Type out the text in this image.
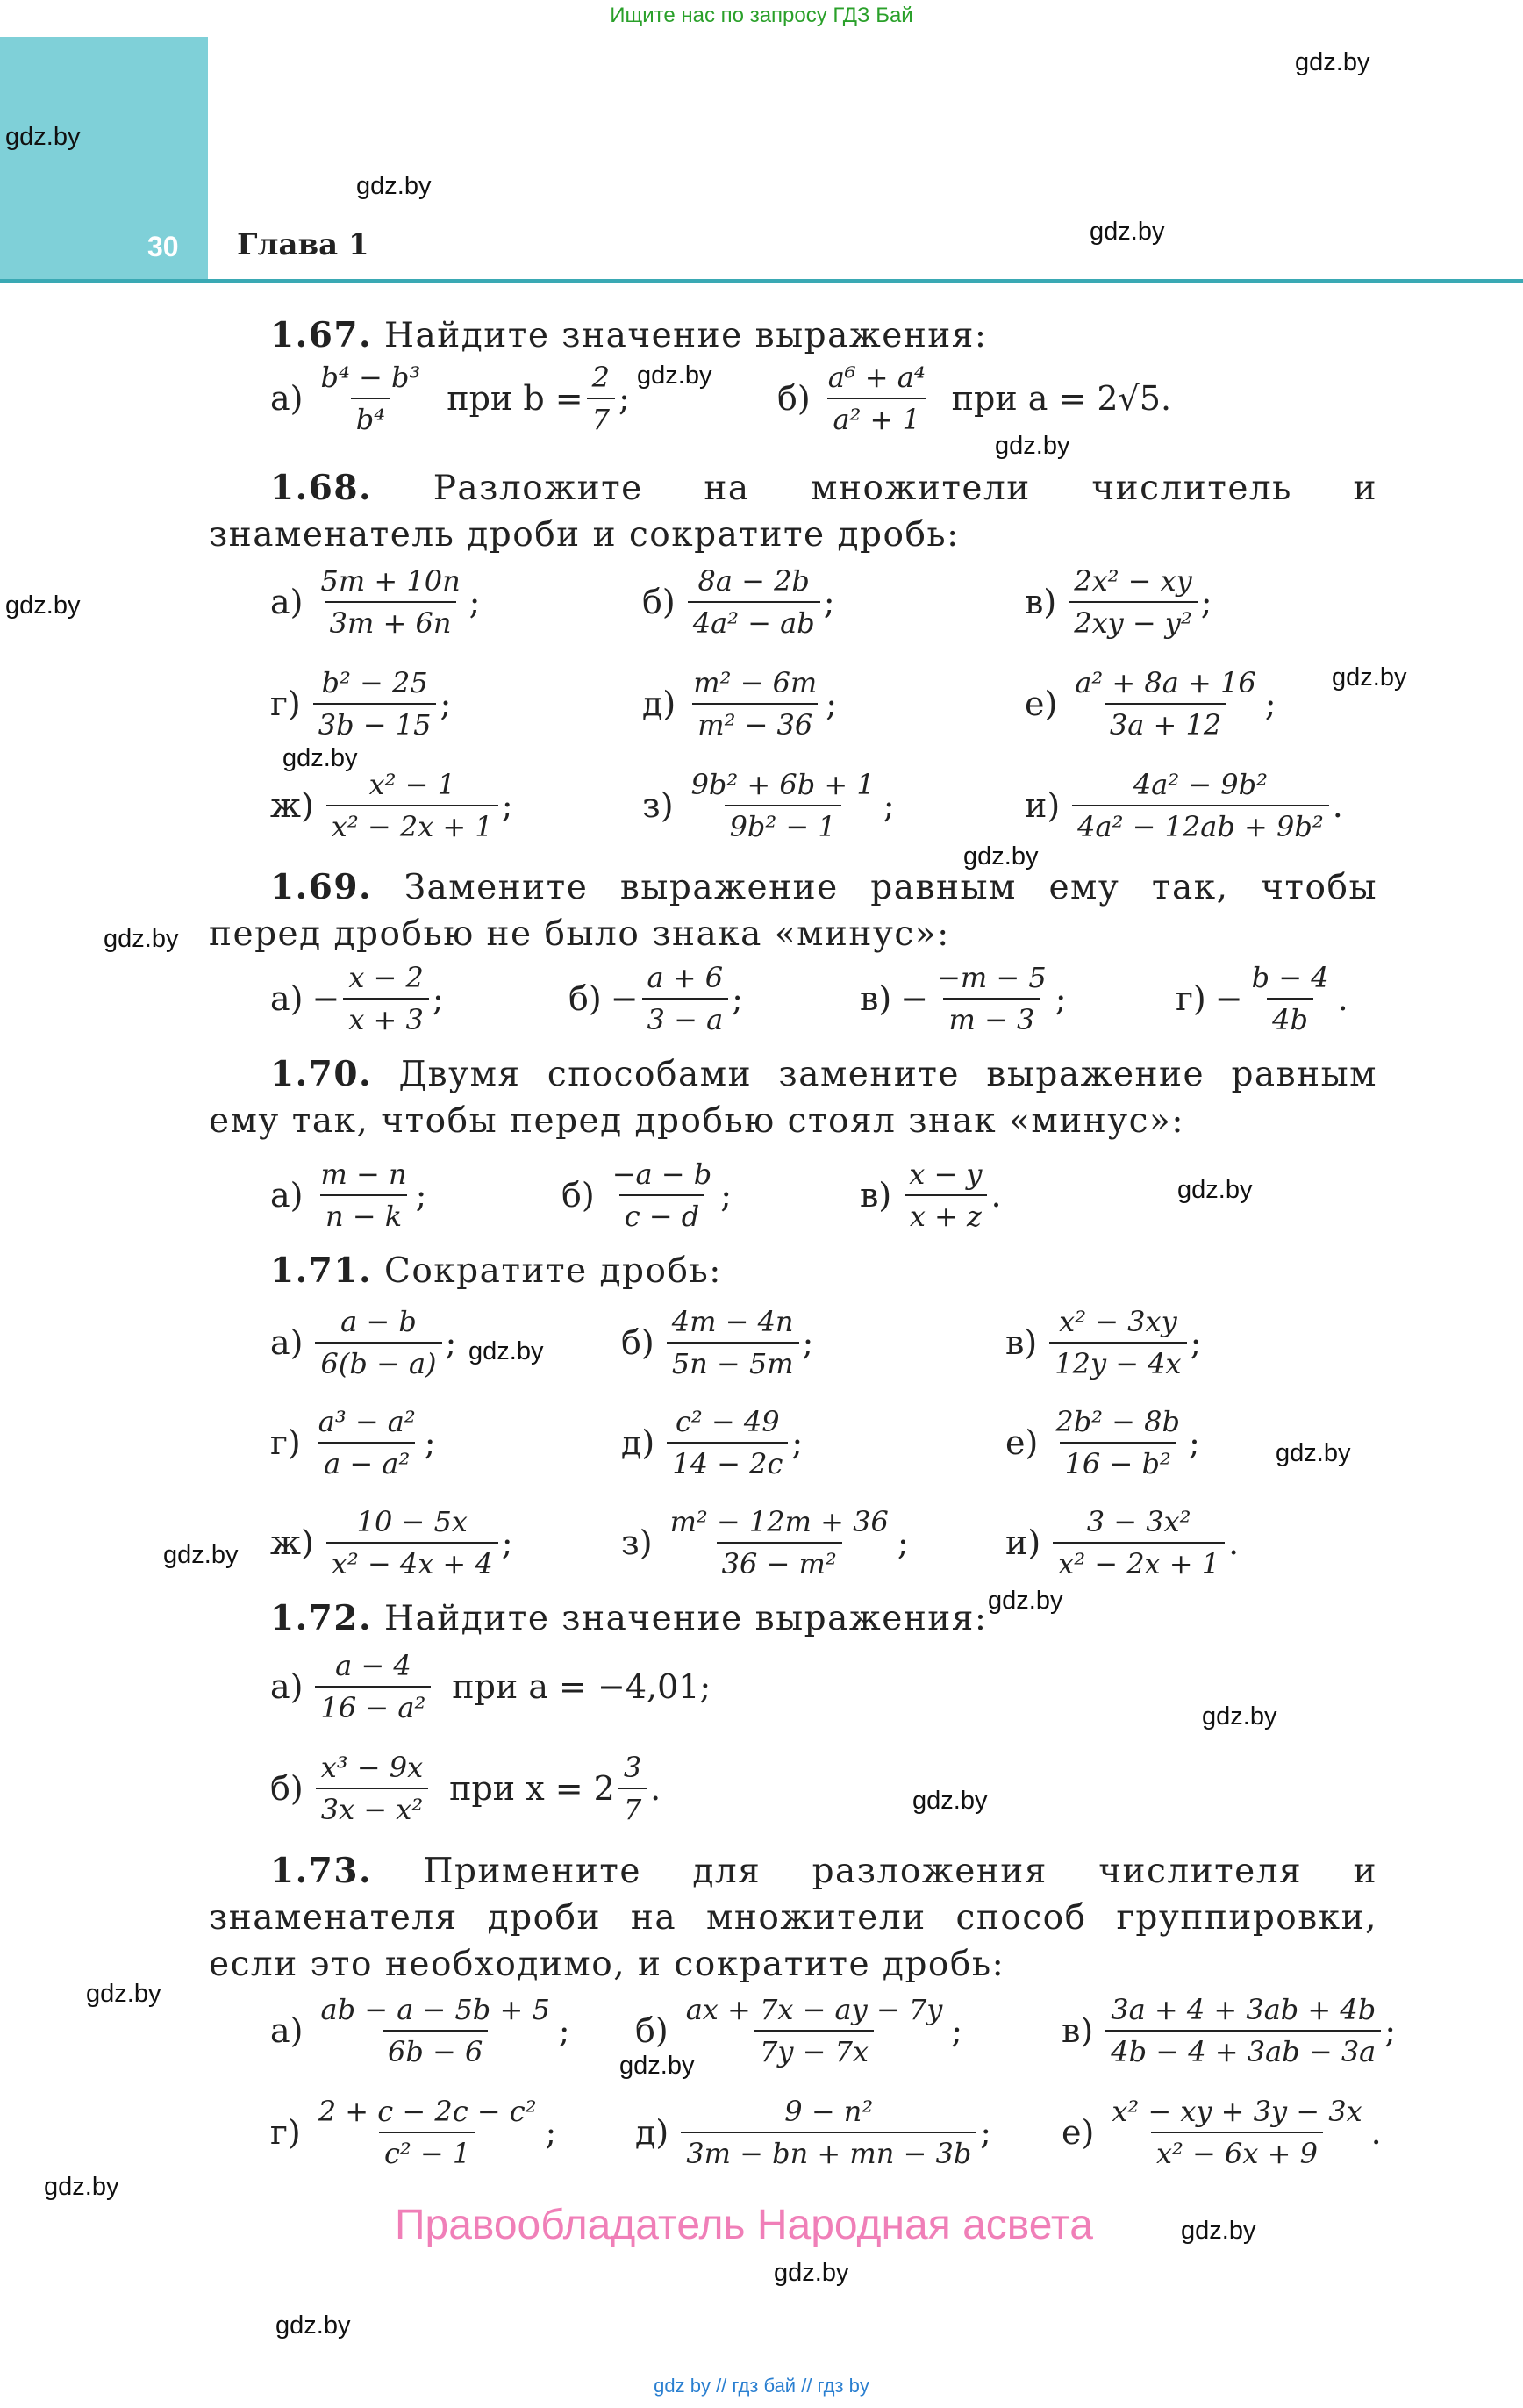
Ищите нас по запросу ГДЗ Бай
30 Глава 1
gdz.by
gdz.by
gdz.by
gdz.by
gdz.by
gdz.by
gdz.by
gdz.by
gdz.by
gdz.by
gdz.by
gdz.by
gdz.by
gdz.by
gdz.by
gdz.by
gdz.by
gdz.by
gdz.by
gdz.by
gdz.by
gdz.by
gdz.by
gdz.by
1.67. Найдите значение выражения:
$а) \frac{\text{b⁴ − b³}}{\text{b⁴}}$ при $b = \frac{2}{7}$ ;	$б) \frac{\text{a⁶ + a⁴}}{\text{a² + 1}}$ при a = 2√5.
1.68. Разложите на множители числитель и знаменатель дроби и сократите дробь:
$а) \frac{5m + 10n}{3m + 6n}$ ;	$б) \frac{8a - 2b}{\text{4a² − ab}}$ ;	$в) \frac{\text{2x² − xy}}{\text{2xy − y²}}$ ;
$г) \frac{\text{b² − 25}}{3b - 15}$ ;	$д) \frac{\text{m² − 6m}}{\text{m² − 36}}$ ;	$е) \frac{\text{a² + 8a + 16}}{3a + 12}$ ;
$ж) \frac{\text{x² − 1}}{\text{x² − 2x + 1}}$ ;	$з) \frac{\text{9b² + 6b + 1}}{\text{9b² − 1}}$ ;	$и) \frac{\text{4a² − 9b²}}{\text{4a² − 12ab + 9b²}}$ .
1.69. Замените выражение равным ему так, чтобы перед дробью не было знака «минус»:
$а) - \frac{x - 2}{x + 3}$ ;	$б) - \frac{a + 6}{3 - a}$ ;	$в) - \frac{-m - 5}{m - 3}$ ;	$г) - \frac{b - 4}{4b}$ .
1.70. Двумя способами замените выражение равным ему так, чтобы перед дробью стоял знак «минус»:
$а) \frac{m - n}{n - k}$ ;	$б) \frac{-a - b}{c - d}$ ;	$в) \frac{x - y}{x + z}$ .
1.71. Сократите дробь:
$а) \frac{a - b}{6(b - a)}$ ;	$б) \frac{4m - 4n}{5n - 5m}$ ;	$в) \frac{\text{x² − 3xy}}{12y - 4x}$ ;
$г) \frac{\text{a³ − a²}}{\text{a − a²}}$ ;	$д) \frac{\text{c² − 49}}{14 - 2c}$ ;	$е) \frac{\text{2b² − 8b}}{\text{16 − b²}}$ ;
$ж) \frac{10 - 5x}{\text{x² − 4x + 4}}$ ;	$з) \frac{\text{m² − 12m + 36}}{\text{36 − m²}}$ ;	$и) \frac{\text{3 − 3x²}}{\text{x² − 2x + 1}}$ .
1.72. Найдите значение выражения:
$а) \frac{a - 4}{\text{16 − a²}}$ при a = −4,01;
$б) \frac{\text{x³ − 9x}}{\text{3x − x²}}$ при $x = 2 \frac{3}{7}$ .
1.73. Примените для разложения числителя и знаменателя дроби на множители способ группировки, если это необходимо, и сократите дробь:
$а) \frac{ab - a - 5b + 5}{6b - 6}$ ; $б) \frac{ax + 7x - ay - 7y}{7y - 7x}$ ;	$в) \frac{3a + 4 + 3ab + 4b}{4b - 4 + 3ab - 3a}$ ;
$г) \frac{\text{2 + c − 2c − c²}}{\text{c² − 1}}$ ; $д) \frac{\text{9 − n²}}{3m - bn + mn - 3b}$ ; $е) \frac{\text{x² − xy + 3y − 3x}}{\text{x² − 6x + 9}}$ .
Правообладатель Народная асвета
gdz by // гдз бай // гдз by
